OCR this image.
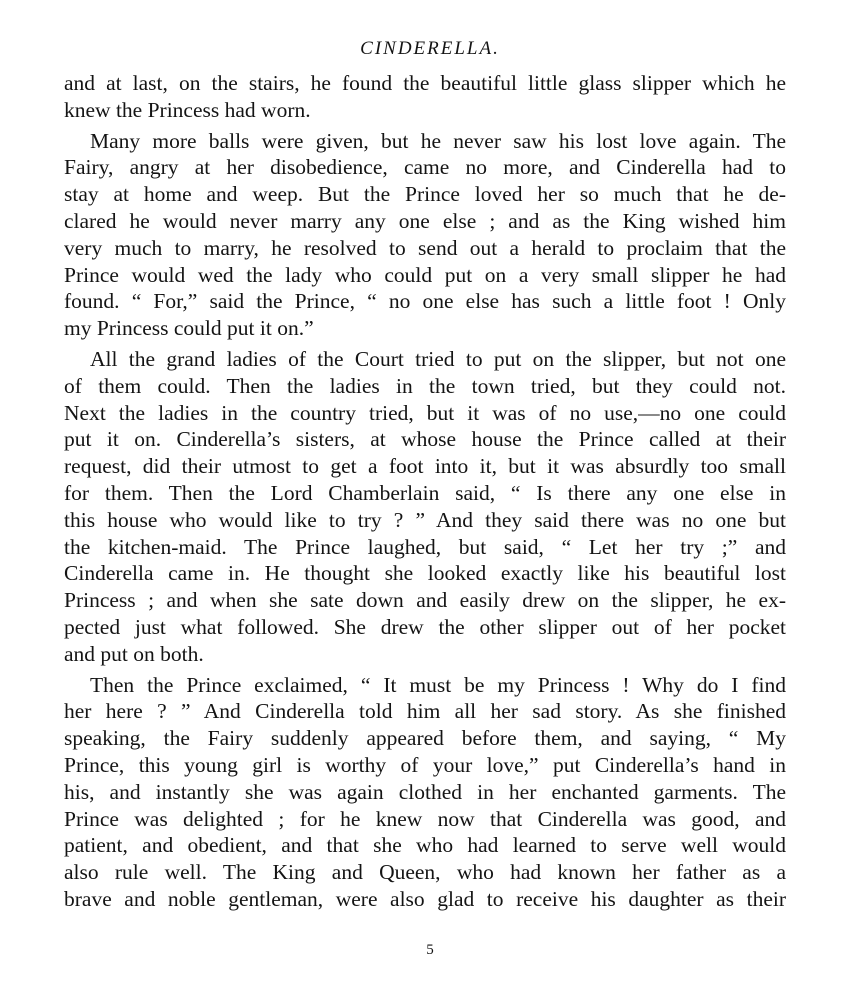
CINDERELLA.
and at last, on the stairs, he found the beautiful little glass slipper which he
knew the Princess had worn.
Many more balls were given, but he never saw his lost love again. The
Fairy, angry at her disobedience, came no more, and Cinderella had to
stay at home and weep. But the Prince loved her so much that he de-
clared he would never marry any one else ; and as the King wished him
very much to marry, he resolved to send out a herald to proclaim that the
Prince would wed the lady who could put on a very small slipper he had
found. “ For,” said the Prince, “ no one else has such a little foot ! Only
my Princess could put it on.”
All the grand ladies of the Court tried to put on the slipper, but not one
of them could. Then the ladies in the town tried, but they could not.
Next the ladies in the country tried, but it was of no use,—no one could
put it on. Cinderella’s sisters, at whose house the Prince called at their
request, did their utmost to get a foot into it, but it was absurdly too small
for them. Then the Lord Chamberlain said, “ Is there any one else in
this house who would like to try ? ” And they said there was no one but
the kitchen-maid. The Prince laughed, but said, “ Let her try ;” and
Cinderella came in. He thought she looked exactly like his beautiful lost
Princess ; and when she sate down and easily drew on the slipper, he ex-
pected just what followed. She drew the other slipper out of her pocket
and put on both.
Then the Prince exclaimed, “ It must be my Princess ! Why do I find
her here ? ” And Cinderella told him all her sad story. As she finished
speaking, the Fairy suddenly appeared before them, and saying, “ My
Prince, this young girl is worthy of your love,” put Cinderella’s hand in
his, and instantly she was again clothed in her enchanted garments. The
Prince was delighted ; for he knew now that Cinderella was good, and
patient, and obedient, and that she who had learned to serve well would
also rule well. The King and Queen, who had known her father as a
brave and noble gentleman, were also glad to receive his daughter as their
5
